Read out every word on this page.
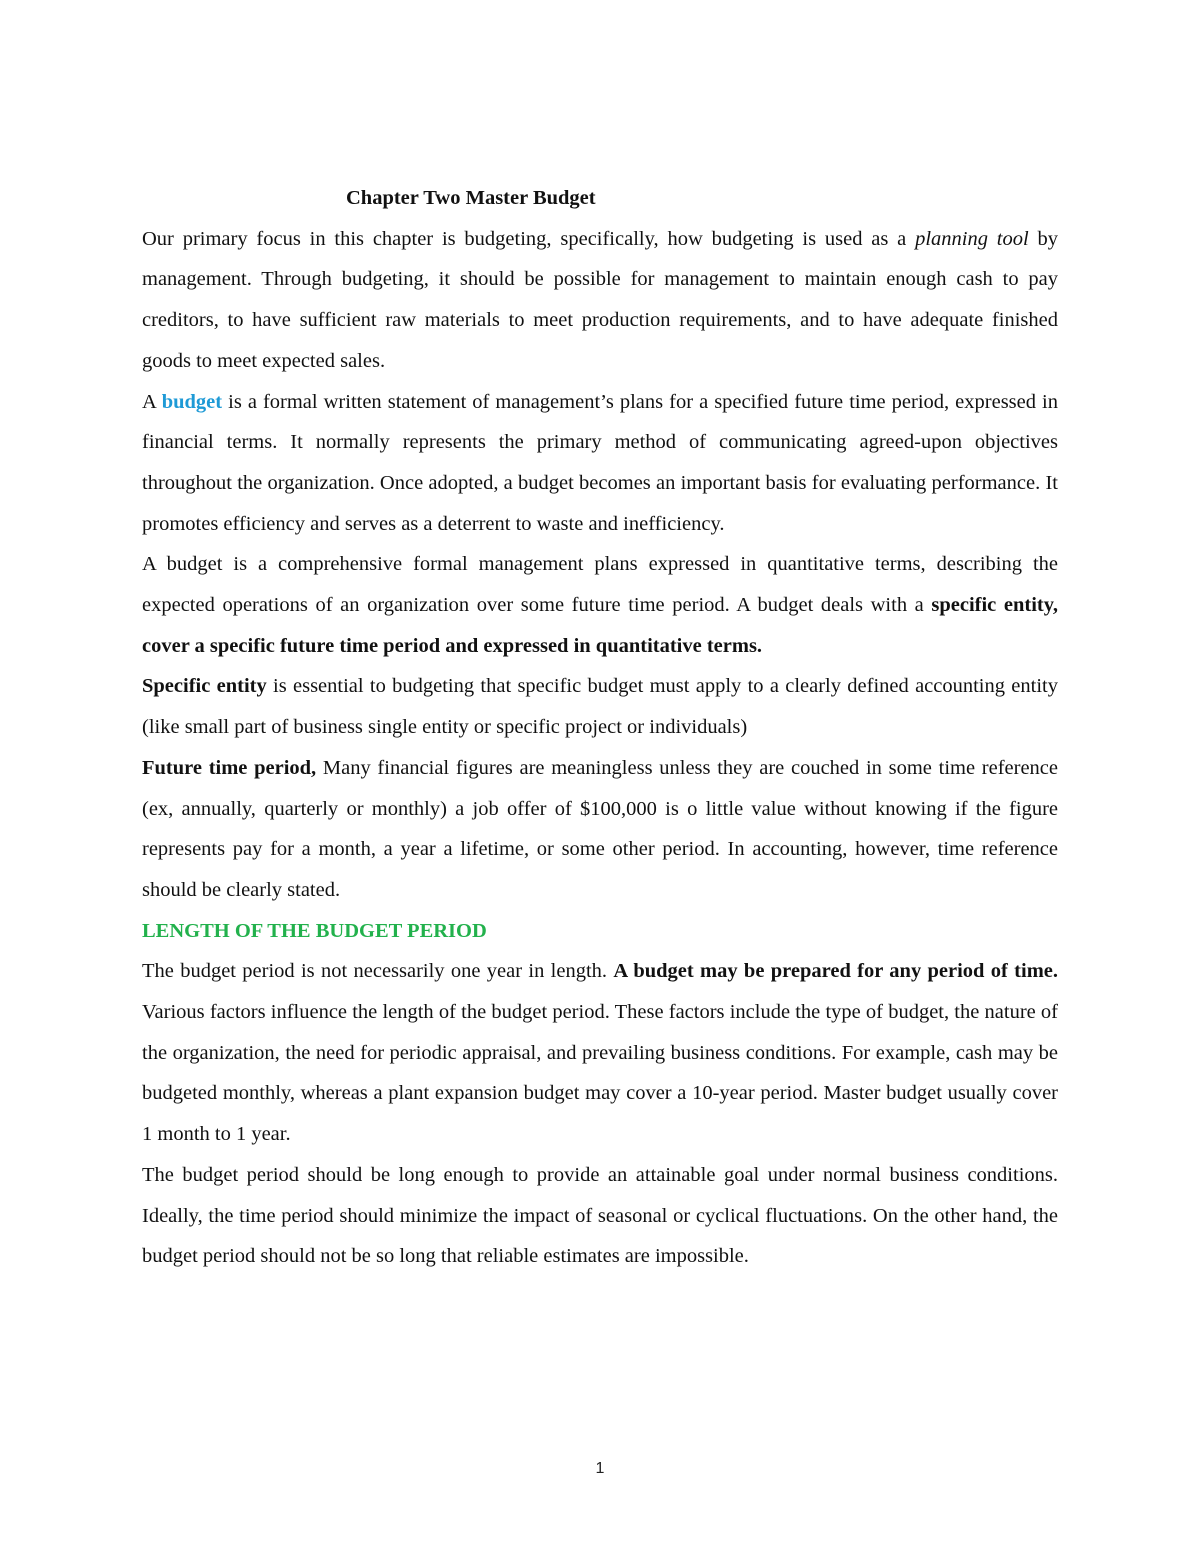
Chapter Two Master Budget

Our primary focus in this chapter is budgeting, specifically, how budgeting is used as a planning tool by management. Through budgeting, it should be possible for management to maintain enough cash to pay creditors, to have sufficient raw materials to meet production requirements, and to have adequate finished goods to meet expected sales.

A budget is a formal written statement of management’s plans for a specified future time period, expressed in financial terms. It normally represents the primary method of communicating agreed-upon objectives throughout the organization. Once adopted, a budget becomes an important basis for evaluating performance. It promotes efficiency and serves as a deterrent to waste and inefficiency.

A budget is a comprehensive formal management plans expressed in quantitative terms, describing the expected operations of an organization over some future time period. A budget deals with a specific entity, cover a specific future time period and expressed in quantitative terms.

Specific entity is essential to budgeting that specific budget must apply to a clearly defined accounting entity (like small part of business single entity or specific project or individuals)

Future time period, Many financial figures are meaningless unless they are couched in some time reference (ex, annually, quarterly or monthly) a job offer of $100,000 is o little value without knowing if the figure represents pay for a month, a year a lifetime, or some other period. In accounting, however, time reference should be clearly stated.

LENGTH OF THE BUDGET PERIOD

The budget period is not necessarily one year in length. A budget may be prepared for any period of time. Various factors influence the length of the budget period. These factors include the type of budget, the nature of the organization, the need for periodic appraisal, and prevailing business conditions. For example, cash may be budgeted monthly, whereas a plant expansion budget may cover a 10-year period. Master budget usually cover 1 month to 1 year.

The budget period should be long enough to provide an attainable goal under normal business conditions. Ideally, the time period should minimize the impact of seasonal or cyclical fluctuations. On the other hand, the budget period should not be so long that reliable estimates are impossible.

1
